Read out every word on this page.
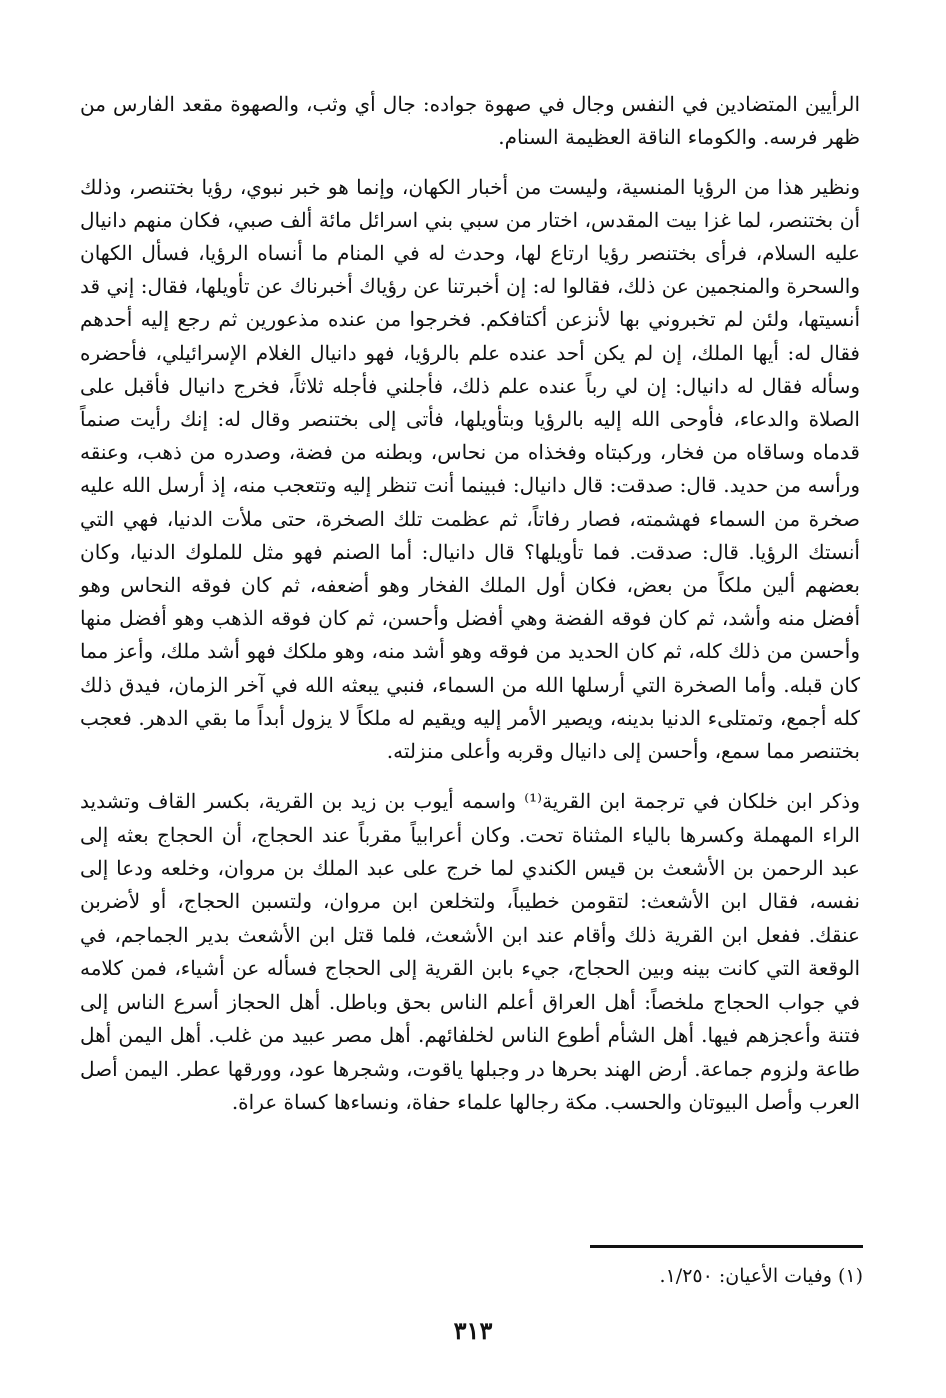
الرأيين المتضادين في النفس وجال في صهوة جواده: جال أي وثب، والصهوة مقعد الفارس من ظهر فرسه. والكوماء الناقة العظيمة السنام.

ونظير هذا من الرؤيا المنسية، وليست من أخبار الكهان، وإنما هو خبر نبوي، رؤيا بختنصر، وذلك أن بختنصر، لما غزا بيت المقدس، اختار من سبي بني اسرائل مائة ألف صبي، فكان منهم دانيال عليه السلام، فرأى بختنصر رؤيا ارتاع لها، وحدث له في المنام ما أنساه الرؤيا، فسأل الكهان والسحرة والمنجمين عن ذلك، فقالوا له: إن أخبرتنا عن رؤياك أخبرناك عن تأويلها، فقال: إني قد أنسيتها، ولئن لم تخبروني بها لأنزعن أكتافكم. فخرجوا من عنده مذعورين ثم رجع إليه أحدهم فقال له: أيها الملك، إن لم يكن أحد عنده علم بالرؤيا، فهو دانيال الغلام الإسرائيلي، فأحضره وسأله فقال له دانيال: إن لي رباً عنده علم ذلك، فأجلني فأجله ثلاثاً، فخرج دانيال فأقبل على الصلاة والدعاء، فأوحى الله إليه بالرؤيا وبتأويلها، فأتى إلى بختنصر وقال له: إنك رأيت صنماً قدماه وساقاه من فخار، وركبتاه وفخذاه من نحاس، وبطنه من فضة، وصدره من ذهب، وعنقه ورأسه من حديد. قال: صدقت: قال دانيال: فبينما أنت تنظر إليه وتتعجب منه، إذ أرسل الله عليه صخرة من السماء فهشمته، فصار رفاتاً، ثم عظمت تلك الصخرة، حتى ملأت الدنيا، فهي التي أنستك الرؤيا. قال: صدقت. فما تأويلها؟ قال دانيال: أما الصنم فهو مثل للملوك الدنيا، وكان بعضهم ألين ملكاً من بعض، فكان أول الملك الفخار وهو أضعفه، ثم كان فوقه النحاس وهو أفضل منه وأشد، ثم كان فوقه الفضة وهي أفضل وأحسن، ثم كان فوقه الذهب وهو أفضل منها وأحسن من ذلك كله، ثم كان الحديد من فوقه وهو أشد منه، وهو ملكك فهو أشد ملك، وأعز مما كان قبله. وأما الصخرة التي أرسلها الله من السماء، فنبي يبعثه الله في آخر الزمان، فيدق ذلك كله أجمع، وتمتلىء الدنيا بدينه، ويصير الأمر إليه ويقيم له ملكاً لا يزول أبداً ما بقي الدهر. فعجب بختنصر مما سمع، وأحسن إلى دانيال وقربه وأعلى منزلته.

وذكر ابن خلكان في ترجمة ابن القرية⁽¹⁾ واسمه أيوب بن زيد بن القرية، بكسر القاف وتشديد الراء المهملة وكسرها بالياء المثناة تحت. وكان أعرابياً مقرباً عند الحجاج، أن الحجاج بعثه إلى عبد الرحمن بن الأشعث بن قيس الكندي لما خرج على عبد الملك بن مروان، وخلعه ودعا إلى نفسه، فقال ابن الأشعث: لتقومن خطيباً، ولتخلعن ابن مروان، ولتسبن الحجاج، أو لأضربن عنقك. ففعل ابن القرية ذلك وأقام عند ابن الأشعث، فلما قتل ابن الأشعث بدير الجماجم، في الوقعة التي كانت بينه وبين الحجاج، جيء بابن القرية إلى الحجاج فسأله عن أشياء، فمن كلامه في جواب الحجاج ملخصاً: أهل العراق أعلم الناس بحق وباطل. أهل الحجاز أسرع الناس إلى فتنة وأعجزهم فيها. أهل الشأم أطوع الناس لخلفائهم. أهل مصر عبيد من غلب. أهل اليمن أهل طاعة ولزوم جماعة. أرض الهند بحرها در وجبلها ياقوت، وشجرها عود، وورقها عطر. اليمن أصل العرب وأصل البيوتان والحسب. مكة رجالها علماء حفاة، ونساءها كساة عراة.

(١) وفيات الأعيان: ١/٢٥٠.
٣١٣
